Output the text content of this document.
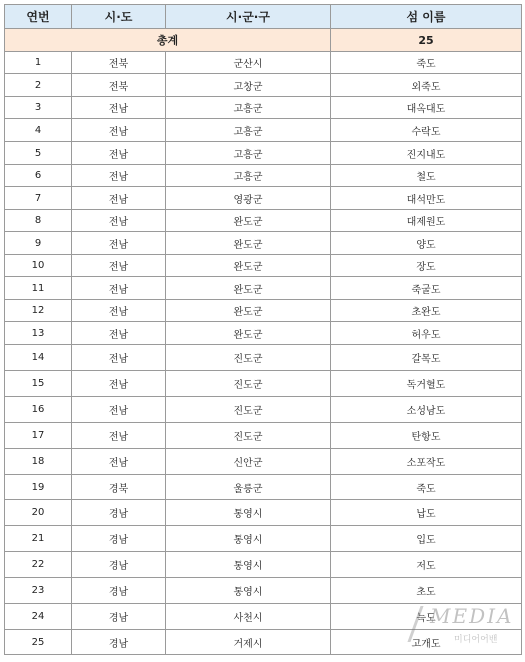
연번	시·도	시·군·구	섬 이름
총계			25
1	전북	군산시	죽도
2	전북	고창군	외죽도
3	전남	고흥군	대옥대도
4	전남	고흥군	수락도
5	전남	고흥군	진지내도
6	전남	고흥군	철도
7	전남	영광군	대석만도
8	전남	완도군	대제원도
9	전남	완도군	양도
10	전남	완도군	장도
11	전남	완도군	죽굴도
12	전남	완도군	초완도
13	전남	완도군	허우도
14	전남	진도군	갈목도
15	전남	진도군	독거혈도
16	전남	진도군	소성남도
17	전남	진도군	탄항도
18	전남	신안군	소포작도
19	경북	울릉군	죽도
20	경남	통영시	납도
21	경남	통영시	입도
22	경남	통영시	저도
23	경남	통영시	초도
24	경남	사천시	늑도
25	경남	거제시	고개도
MEDIA
미디어어밴
